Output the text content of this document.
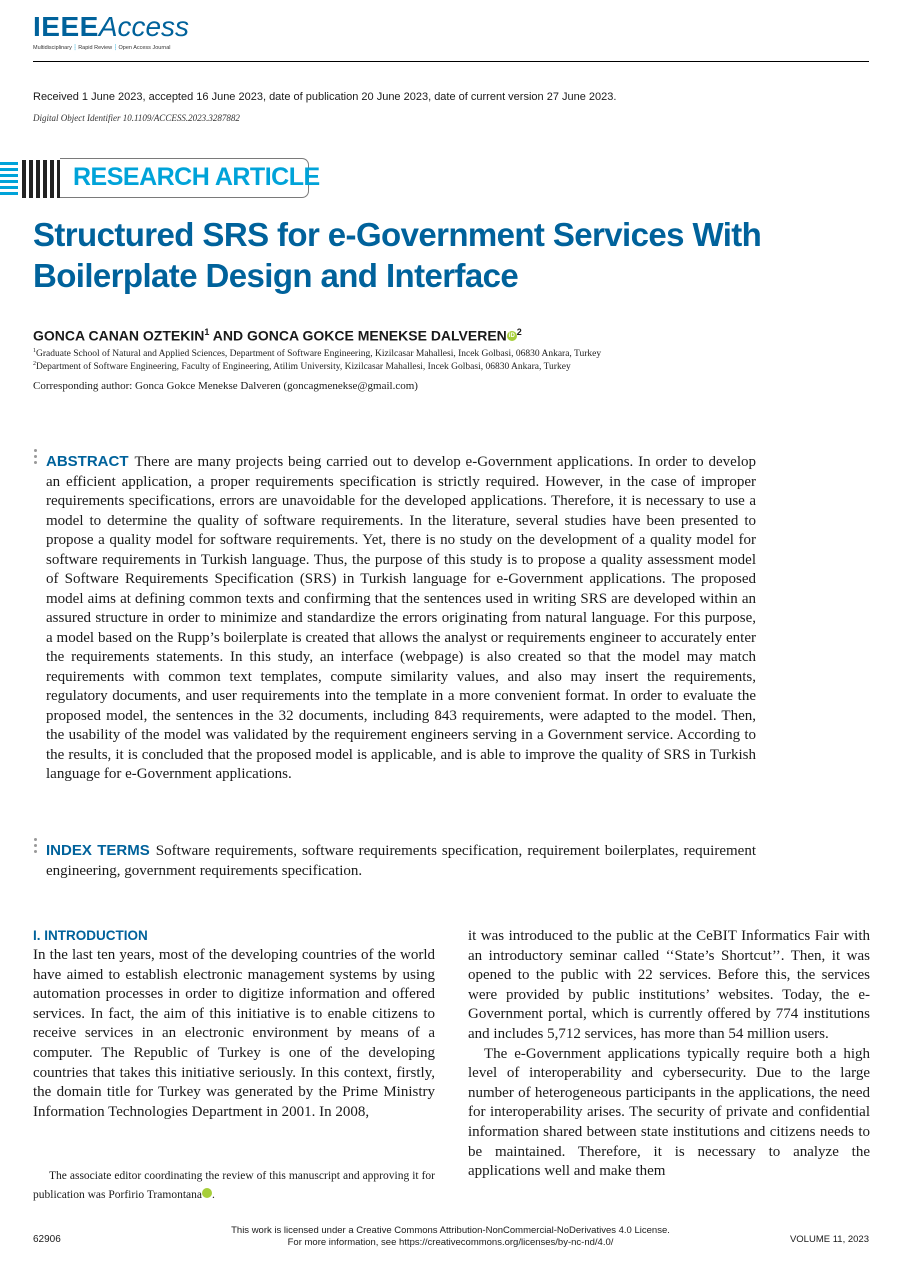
IEEEAccess
Multidisciplinary ┆ Rapid Review ┆ Open Access Journal
Received 1 June 2023, accepted 16 June 2023, date of publication 20 June 2023, date of current version 27 June 2023.
Digital Object Identifier 10.1109/ACCESS.2023.3287882
RESEARCH ARTICLE
Structured SRS for e-Government Services With Boilerplate Design and Interface
GONCA CANAN OZTEKIN$^1$ AND GONCA GOKCE MENEKSE DALVEREN iD $^2$
$^1$Graduate School of Natural and Applied Sciences, Department of Software Engineering, Kizilcasar Mahallesi, Incek Golbasi, 06830 Ankara, Turkey
$^2$Department of Software Engineering, Faculty of Engineering, Atilim University, Kizilcasar Mahallesi, Incek Golbasi, 06830 Ankara, Turkey
Corresponding author: Gonca Gokce Menekse Dalveren (goncagmenekse@gmail.com)

ABSTRACT There are many projects being carried out to develop e-Government applications. In order to develop an efficient application, a proper requirements specification is strictly required. However, in the case of improper requirements specifications, errors are unavoidable for the developed applications. Therefore, it is necessary to use a model to determine the quality of software requirements. In the literature, several studies have been presented to propose a quality model for software requirements. Yet, there is no study on the development of a quality model for software requirements in Turkish language. Thus, the purpose of this study is to propose a quality assessment model of Software Requirements Specification (SRS) in Turkish language for e-Government applications. The proposed model aims at defining common texts and confirming that the sentences used in writing SRS are developed within an assured structure in order to minimize and standardize the errors originating from natural language. For this purpose, a model based on the Rupp’s boilerplate is created that allows the analyst or requirements engineer to accurately enter the requirements statements. In this study, an interface (webpage) is also created so that the model may match requirements with common text templates, compute similarity values, and also may insert the requirements, regulatory documents, and user requirements into the template in a more convenient format. In order to evaluate the proposed model, the sentences in the 32 documents, including 843 requirements, were adapted to the model. Then, the usability of the model was validated by the requirement engineers serving in a Government service. According to the results, it is concluded that the proposed model is applicable, and is able to improve the quality of SRS in Turkish language for e-Government applications.

INDEX TERMS Software requirements, software requirements specification, requirement boilerplates, requirement engineering, government requirements specification.

I. INTRODUCTION

In the last ten years, most of the developing countries of the world have aimed to establish electronic management systems by using automation processes in order to digitize information and offered services. In fact, the aim of this initiative is to enable citizens to receive services in an electronic environment by means of a computer. The Republic of Turkey is one of the developing countries that takes this initiative seriously. In this context, firstly, the domain title for Turkey was generated by the Prime Ministry Information Technologies Department in 2001. In 2008,

it was introduced to the public at the CeBIT Informatics Fair with an introductory seminar called ‘‘State’s Shortcut’’. Then, it was opened to the public with 22 services. Before this, the services were provided by public institutions’ websites. Today, the e-Government portal, which is currently offered by 774 institutions and includes 5,712 services, has more than 54 million users.

The e-Government applications typically require both a high level of interoperability and cybersecurity. Due to the large number of heterogeneous participants in the applications, the need for interoperability arises. The security of private and confidential information shared between state institutions and citizens needs to be maintained. Therefore, it is necessary to analyze the applications well and make them

The associate editor coordinating the review of this manuscript and approving it for publication was Porfirio Tramontana	iD.

This work is licensed under a Creative Commons Attribution-NonCommercial-NoDerivatives 4.0 License.
For more information, see https://creativecommons.org/licenses/by-nc-nd/4.0/
62906	VOLUME 11, 2023
